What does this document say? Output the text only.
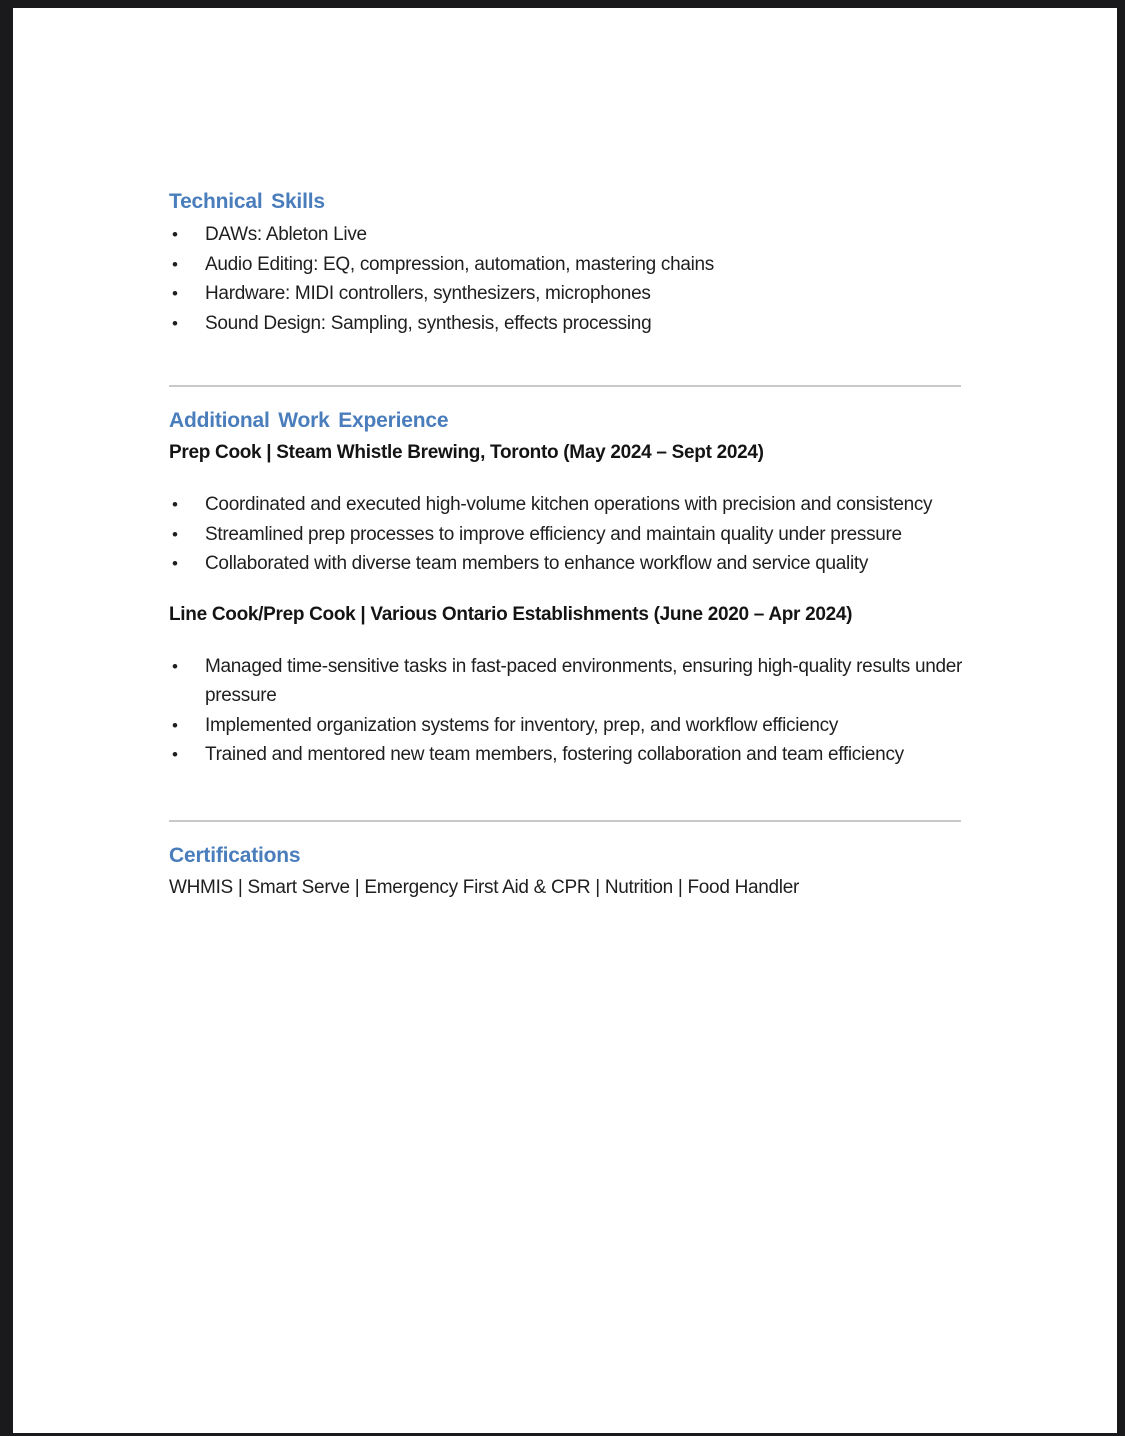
Technical Skills
• DAWs: Ableton Live
• Audio Editing: EQ, compression, automation, mastering chains
• Hardware: MIDI controllers, synthesizers, microphones
• Sound Design: Sampling, synthesis, effects processing
Additional Work Experience
Prep Cook | Steam Whistle Brewing, Toronto (May 2024 – Sept 2024)
• Coordinated and executed high-volume kitchen operations with precision and consistency
• Streamlined prep processes to improve efficiency and maintain quality under pressure
• Collaborated with diverse team members to enhance workflow and service quality
Line Cook/Prep Cook | Various Ontario Establishments (June 2020 – Apr 2024)
• Managed time-sensitive tasks in fast-paced environments, ensuring high-quality results under pressure
• Implemented organization systems for inventory, prep, and workflow efficiency
• Trained and mentored new team members, fostering collaboration and team efficiency
Certifications
WHMIS | Smart Serve | Emergency First Aid & CPR | Nutrition | Food Handler
